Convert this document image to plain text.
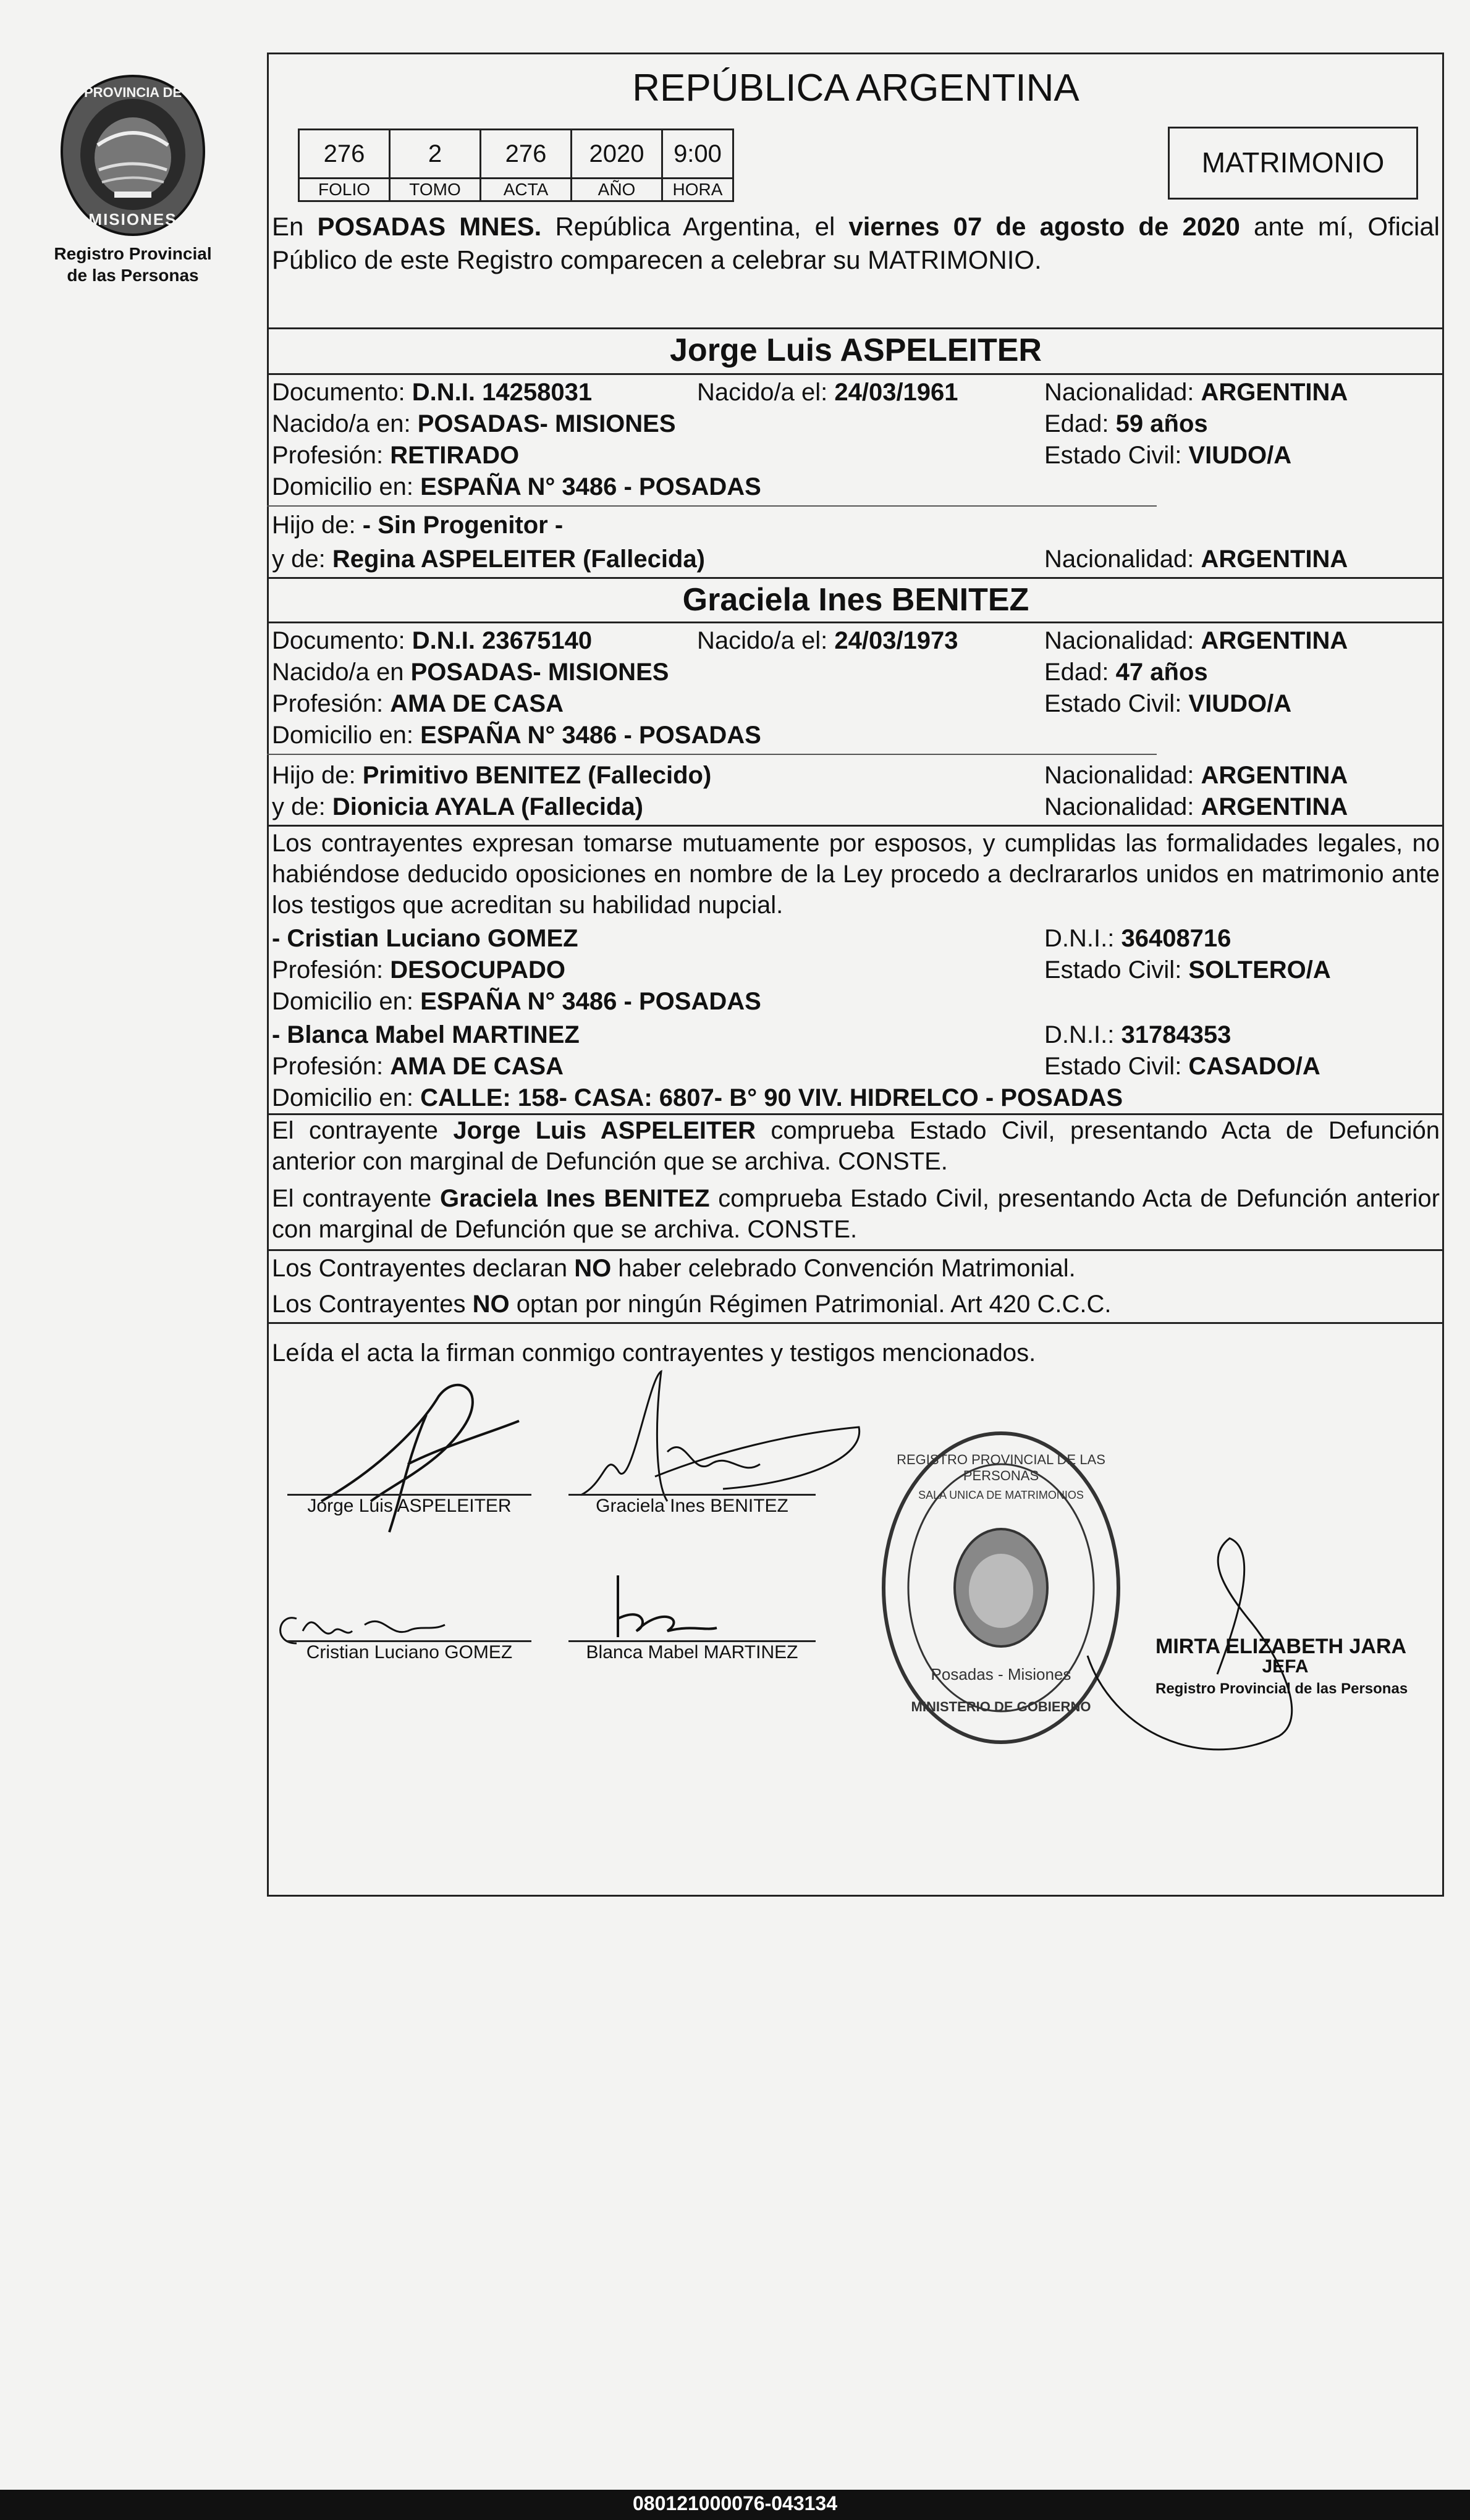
PROVINCIA DE
MISIONES
Registro Provincial
de las Personas
REPÚBLICA ARGENTINA
276	2	276	2020	9:00
FOLIO	TOMO	ACTA	AÑO	HORA
MATRIMONIO
En POSADAS MNES. República Argentina, el viernes 07 de agosto de 2020 ante mí, Oficial Público de este Registro comparecen a celebrar su MATRIMONIO.
Jorge Luis ASPELEITER
Documento: D.N.I. 14258031	Nacido/a el: 24/03/1961	Nacionalidad: ARGENTINA
Nacido/a en: POSADAS- MISIONES	Edad: 59 años
Profesión: RETIRADO	Estado Civil: VIUDO/A
Domicilio en: ESPAÑA N° 3486 - POSADAS
Hijo de: - Sin Progenitor -
y de: Regina ASPELEITER (Fallecida)	Nacionalidad: ARGENTINA
Graciela Ines BENITEZ
Documento: D.N.I. 23675140	Nacido/a el: 24/03/1973	Nacionalidad: ARGENTINA
Nacido/a en POSADAS- MISIONES	Edad: 47 años
Profesión: AMA DE CASA	Estado Civil: VIUDO/A
Domicilio en: ESPAÑA N° 3486 - POSADAS
Hijo de: Primitivo BENITEZ (Fallecido)	Nacionalidad: ARGENTINA
y de: Dionicia AYALA (Fallecida)	Nacionalidad: ARGENTINA
Los contrayentes expresan tomarse mutuamente por esposos, y cumplidas las formalidades legales, no habiéndose deducido oposiciones en nombre de la Ley procedo a declrararlos unidos en matrimonio ante los testigos que acreditan su habilidad nupcial.
- Cristian Luciano GOMEZ	D.N.I.: 36408716
Profesión: DESOCUPADO	Estado Civil: SOLTERO/A
Domicilio en: ESPAÑA N° 3486 - POSADAS
- Blanca Mabel MARTINEZ	D.N.I.: 31784353
Profesión: AMA DE CASA	Estado Civil: CASADO/A
Domicilio en: CALLE: 158- CASA: 6807- B° 90 VIV. HIDRELCO - POSADAS
El contrayente Jorge Luis ASPELEITER comprueba Estado Civil, presentando Acta de Defunción anterior con marginal de Defunción que se archiva. CONSTE.
El contrayente Graciela Ines BENITEZ comprueba Estado Civil, presentando Acta de Defunción anterior con marginal de Defunción que se archiva. CONSTE.
Los Contrayentes declaran NO haber celebrado Convención Matrimonial.
Los Contrayentes NO optan por ningún Régimen Patrimonial. Art 420 C.C.C.
Leída el acta la firman conmigo contrayentes y testigos mencionados.
Jorge Luis ASPELEITER	Graciela Ines BENITEZ
Cristian Luciano GOMEZ	Blanca Mabel MARTINEZ
REGISTRO PROVINCIAL DE LAS PERSONAS
SALA UNICA DE MATRIMONIOS
Posadas - Misiones
MINISTERIO DE GOBIERNO
MIRTA ELIZABETH JARA
JEFA
Registro Provincial de las Personas
080121000076-043134
